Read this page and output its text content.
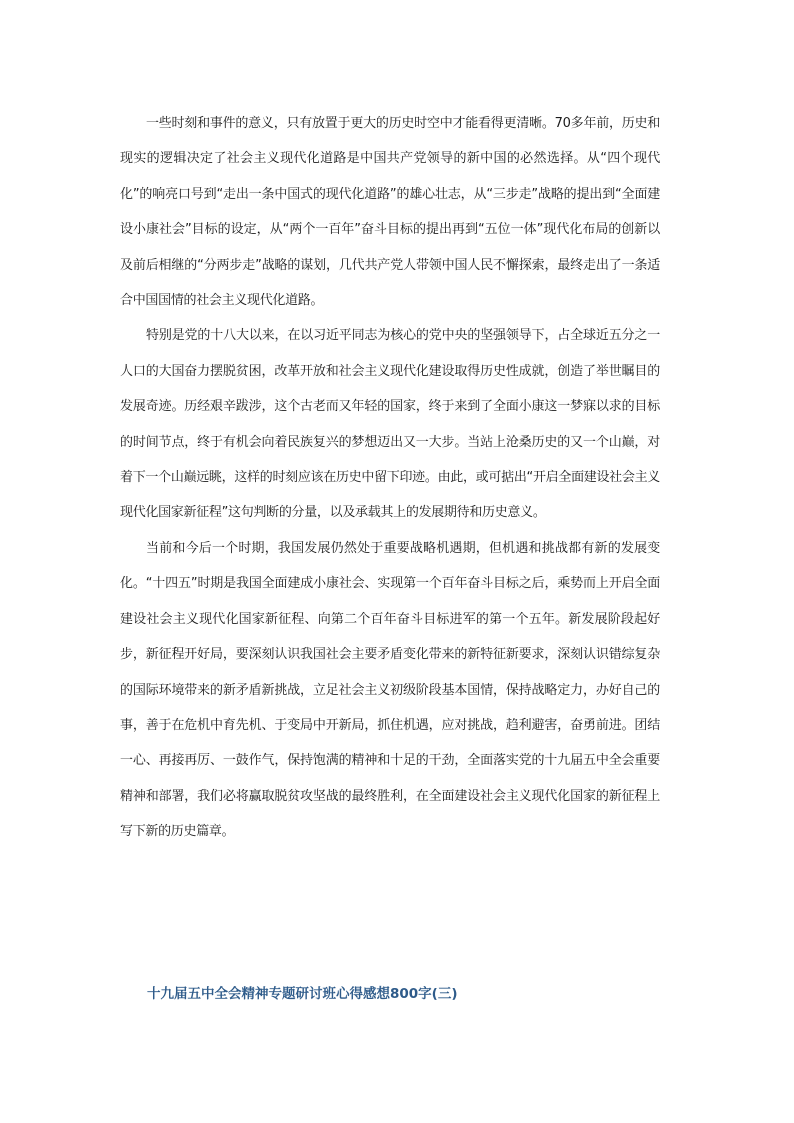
一些时刻和事件的意义，只有放置于更大的历史时空中才能看得更清晰。70多年前，历史和现实的逻辑决定了社会主义现代化道路是中国共产党领导的新中国的必然选择。从“四个现代化”的响亮口号到“走出一条中国式的现代化道路”的雄心壮志，从“三步走”战略的提出到“全面建设小康社会”目标的设定，从“两个一百年”奋斗目标的提出再到“五位一体”现代化布局的创新以及前后相继的“分两步走”战略的谋划，几代共产党人带领中国人民不懈探索，最终走出了一条适合中国国情的社会主义现代化道路。

特别是党的十八大以来，在以习近平同志为核心的党中央的坚强领导下，占全球近五分之一人口的大国奋力摆脱贫困，改革开放和社会主义现代化建设取得历史性成就，创造了举世瞩目的发展奇迹。历经艰辛跋涉，这个古老而又年轻的国家，终于来到了全面小康这一梦寐以求的目标的时间节点，终于有机会向着民族复兴的梦想迈出又一大步。当站上沧桑历史的又一个山巅，对着下一个山巅远眺，这样的时刻应该在历史中留下印迹。由此，或可掂出“开启全面建设社会主义现代化国家新征程”这句判断的分量，以及承载其上的发展期待和历史意义。

当前和今后一个时期，我国发展仍然处于重要战略机遇期，但机遇和挑战都有新的发展变化。“十四五”时期是我国全面建成小康社会、实现第一个百年奋斗目标之后，乘势而上开启全面建设社会主义现代化国家新征程、向第二个百年奋斗目标进军的第一个五年。新发展阶段起好步，新征程开好局，要深刻认识我国社会主要矛盾变化带来的新特征新要求，深刻认识错综复杂的国际环境带来的新矛盾新挑战，立足社会主义初级阶段基本国情，保持战略定力，办好自己的事，善于在危机中育先机、于变局中开新局，抓住机遇，应对挑战，趋利避害，奋勇前进。团结一心、再接再厉、一鼓作气，保持饱满的精神和十足的干劲，全面落实党的十九届五中全会重要精神和部署，我们必将赢取脱贫攻坚战的最终胜利，在全面建设社会主义现代化国家的新征程上写下新的历史篇章。

十九届五中全会精神专题研讨班心得感想800字(三)
